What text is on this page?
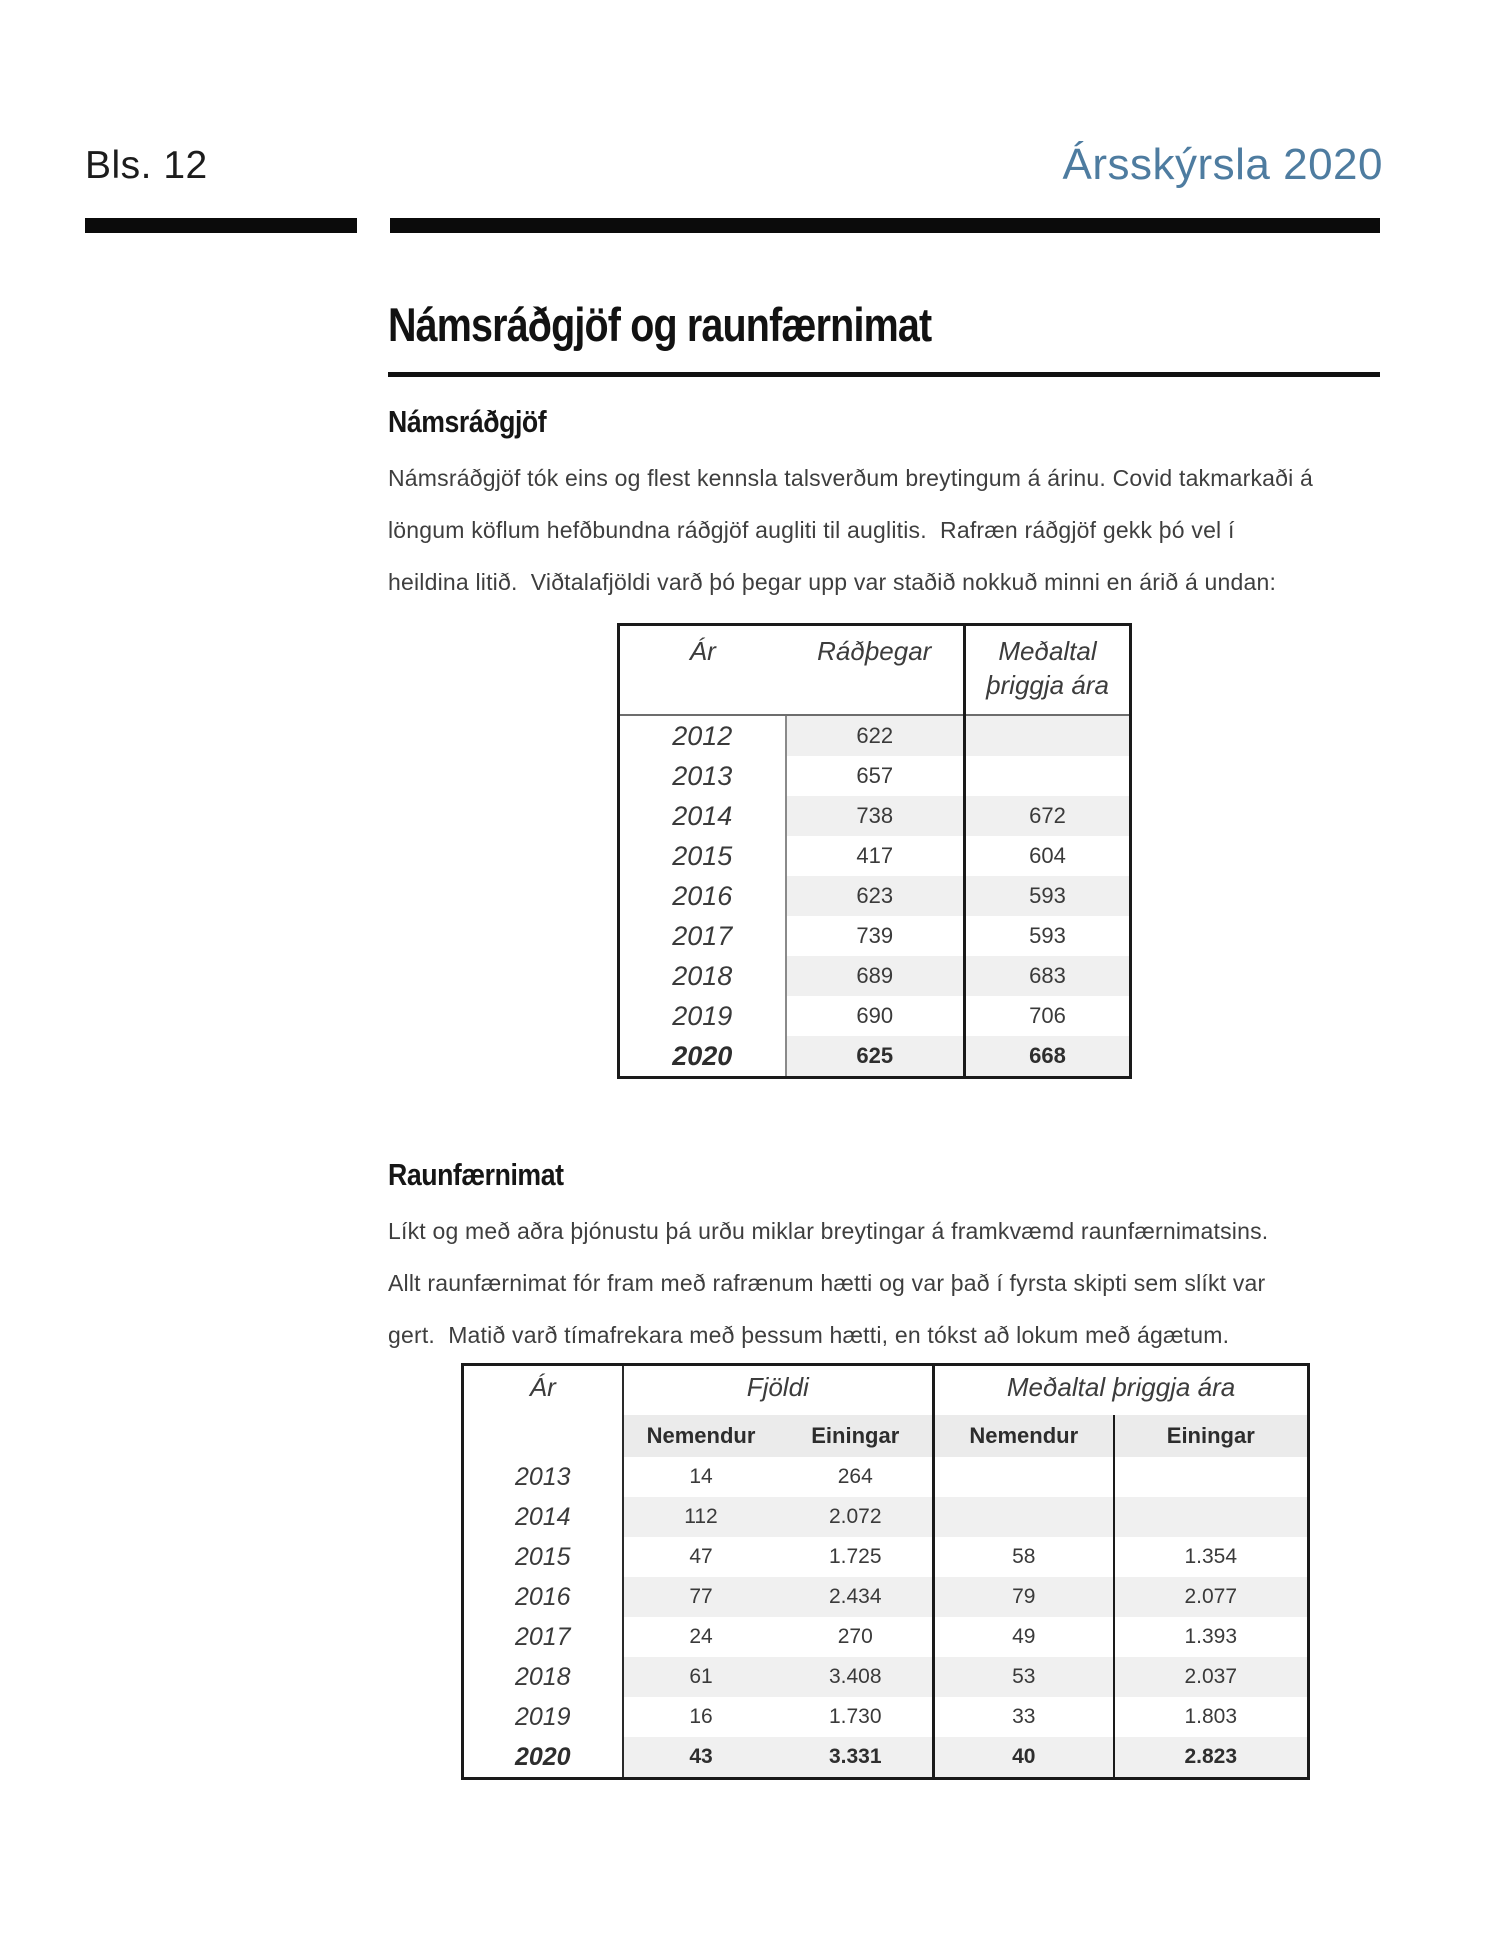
Bls. 12	Ársskýrsla 2020
Námsráðgjöf og raunfærnimat
Námsráðgjöf
Námsráðgjöf tók eins og flest kennsla talsverðum breytingum á árinu. Covid takmarkaði á
löngum köflum hefðbundna ráðgjöf augliti til auglitis.  Rafræn ráðgjöf gekk þó vel í
heildina litið.  Viðtalafjöldi varð þó þegar upp var staðið nokkuð minni en árið á undan:
Ár	Ráðþegar	Meðaltal þriggja ára
2012	622	
2013	657	
2014	738	672
2015	417	604
2016	623	593
2017	739	593
2018	689	683
2019	690	706
2020	625	668
Raunfærnimat
Líkt og með aðra þjónustu þá urðu miklar breytingar á framkvæmd raunfærnimatsins.
Allt raunfærnimat fór fram með rafrænum hætti og var það í fyrsta skipti sem slíkt var
gert.  Matið varð tímafrekara með þessum hætti, en tókst að lokum með ágætum.
Ár	Fjöldi		Meðaltal þriggja ára	
	Nemendur	Einingar	Nemendur	Einingar
2013	14	264		
2014	112	2.072		
2015	47	1.725	58	1.354
2016	77	2.434	79	2.077
2017	24	270	49	1.393
2018	61	3.408	53	2.037
2019	16	1.730	33	1.803
2020	43	3.331	40	2.823
